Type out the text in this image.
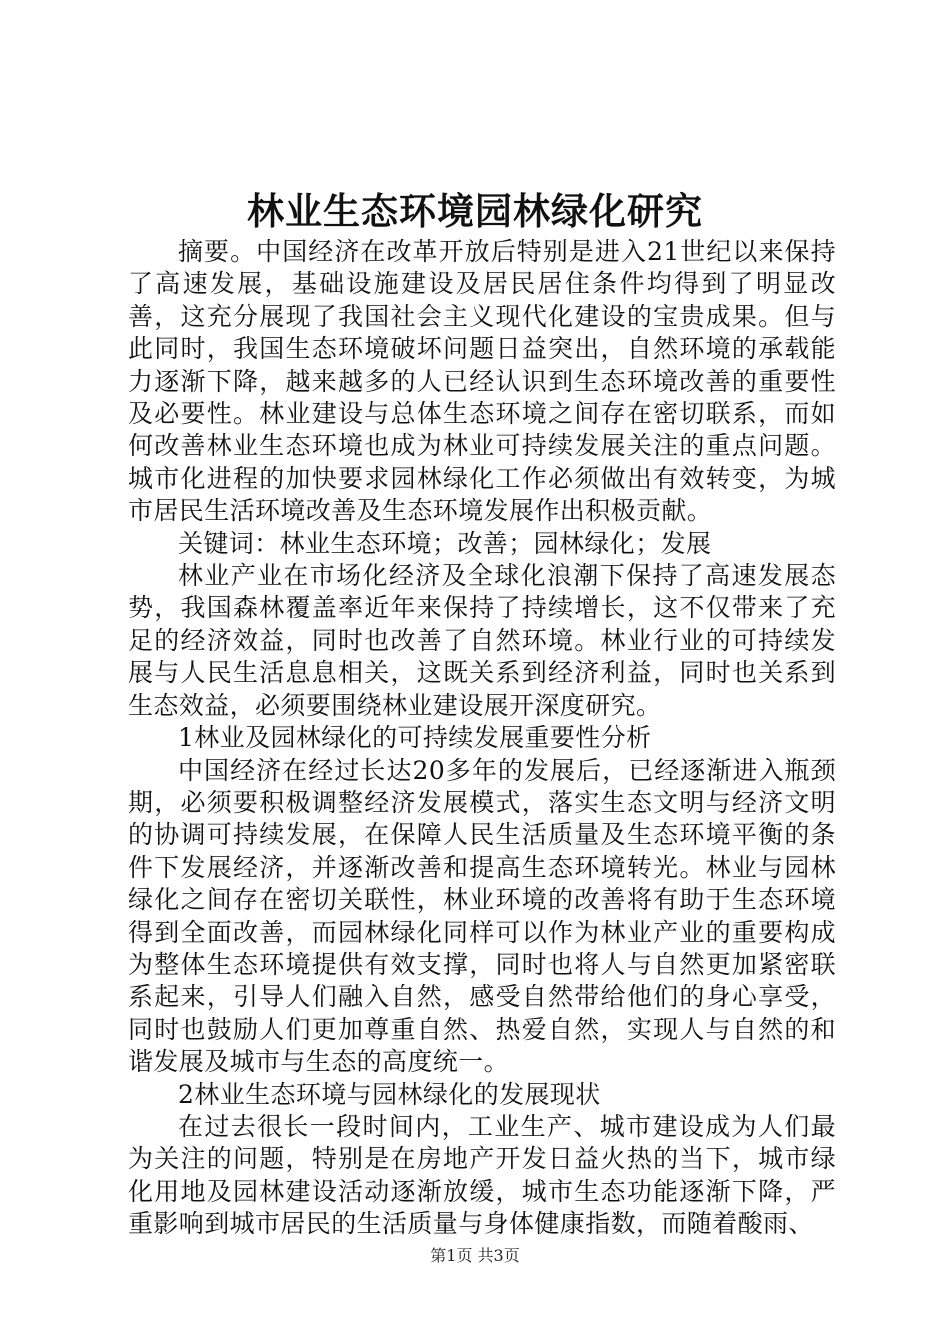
林业生态环境园林绿化研究

摘要。中国经济在改革开放后特别是进入21世纪以来保持了高速发展，基础设施建设及居民居住条件均得到了明显改善，这充分展现了我国社会主义现代化建设的宝贵成果。但与此同时，我国生态环境破坏问题日益突出，自然环境的承载能力逐渐下降，越来越多的人已经认识到生态环境改善的重要性及必要性。林业建设与总体生态环境之间存在密切联系，而如何改善林业生态环境也成为林业可持续发展关注的重点问题。城市化进程的加快要求园林绿化工作必须做出有效转变，为城市居民生活环境改善及生态环境发展作出积极贡献。

关键词：林业生态环境；改善；园林绿化；发展

林业产业在市场化经济及全球化浪潮下保持了高速发展态势，我国森林覆盖率近年来保持了持续增长，这不仅带来了充足的经济效益，同时也改善了自然环境。林业行业的可持续发展与人民生活息息相关，这既关系到经济利益，同时也关系到生态效益，必须要围绕林业建设展开深度研究。

1林业及园林绿化的可持续发展重要性分析

中国经济在经过长达20多年的发展后，已经逐渐进入瓶颈期，必须要积极调整经济发展模式，落实生态文明与经济文明的协调可持续发展，在保障人民生活质量及生态环境平衡的条件下发展经济，并逐渐改善和提高生态环境转光。林业与园林绿化之间存在密切关联性，林业环境的改善将有助于生态环境得到全面改善，而园林绿化同样可以作为林业产业的重要构成为整体生态环境提供有效支撑，同时也将人与自然更加紧密联系起来，引导人们融入自然，感受自然带给他们的身心享受，同时也鼓励人们更加尊重自然、热爱自然，实现人与自然的和谐发展及城市与生态的高度统一。

2林业生态环境与园林绿化的发展现状

在过去很长一段时间内，工业生产、城市建设成为人们最为关注的问题，特别是在房地产开发日益火热的当下，城市绿化用地及园林建设活动逐渐放缓，城市生态功能逐渐下降，严重影响到城市居民的生活质量与身体健康指数，而随着酸雨、

第1页 共3页
